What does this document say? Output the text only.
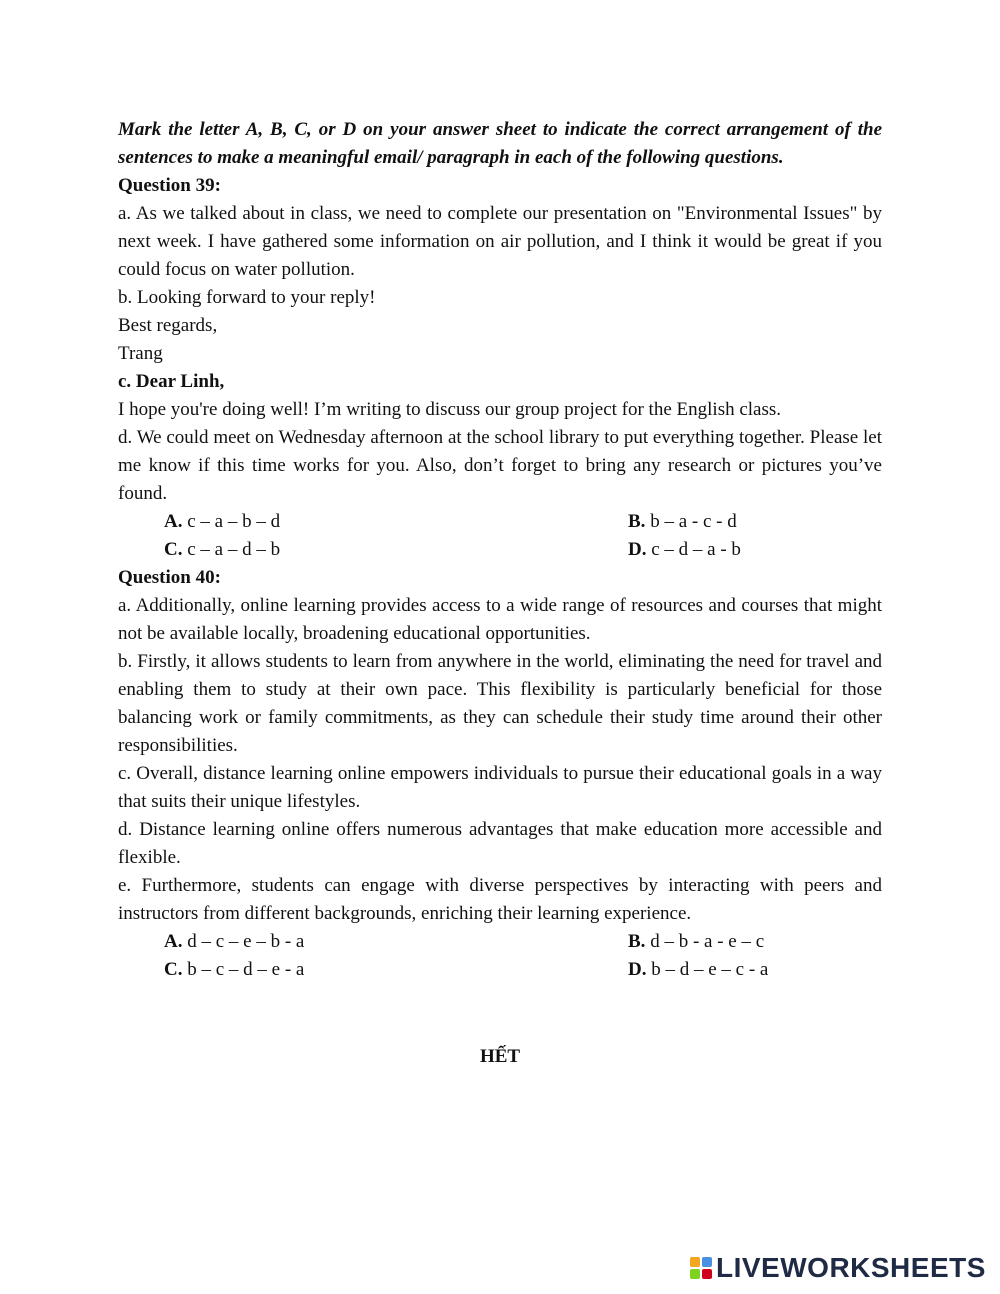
Mark the letter A, B, C, or D on your answer sheet to indicate the correct arrangement of the sentences to make a meaningful email/ paragraph in each of the following questions.

Question 39:

a. As we talked about in class, we need to complete our presentation on "Environmental Issues" by next week. I have gathered some information on air pollution, and I think it would be great if you could focus on water pollution.

b. Looking forward to your reply!

Best regards,

Trang

c. Dear Linh,

I hope you're doing well! I’m writing to discuss our group project for the English class.

d. We could meet on Wednesday afternoon at the school library to put everything together. Please let me know if this time works for you. Also, don’t forget to bring any research or pictures you’ve found.

A. c – a – b – d	B. b – a - c - d
C. c – a – d – b	D. c – d – a - b

Question 40:

a. Additionally, online learning provides access to a wide range of resources and courses that might not be available locally, broadening educational opportunities.

b. Firstly, it allows students to learn from anywhere in the world, eliminating the need for travel and enabling them to study at their own pace. This flexibility is particularly beneficial for those balancing work or family commitments, as they can schedule their study time around their other responsibilities.

c. Overall, distance learning online empowers individuals to pursue their educational goals in a way that suits their unique lifestyles.

d. Distance learning online offers numerous advantages that make education more accessible and flexible.

e. Furthermore, students can engage with diverse perspectives by interacting with peers and instructors from different backgrounds, enriching their learning experience.

A. d – c – e – b - a	B. d – b - a - e – c
C. b – c – d – e - a	D. b – d – e – c - a
HẾT
LIVEWORKSHEETS
